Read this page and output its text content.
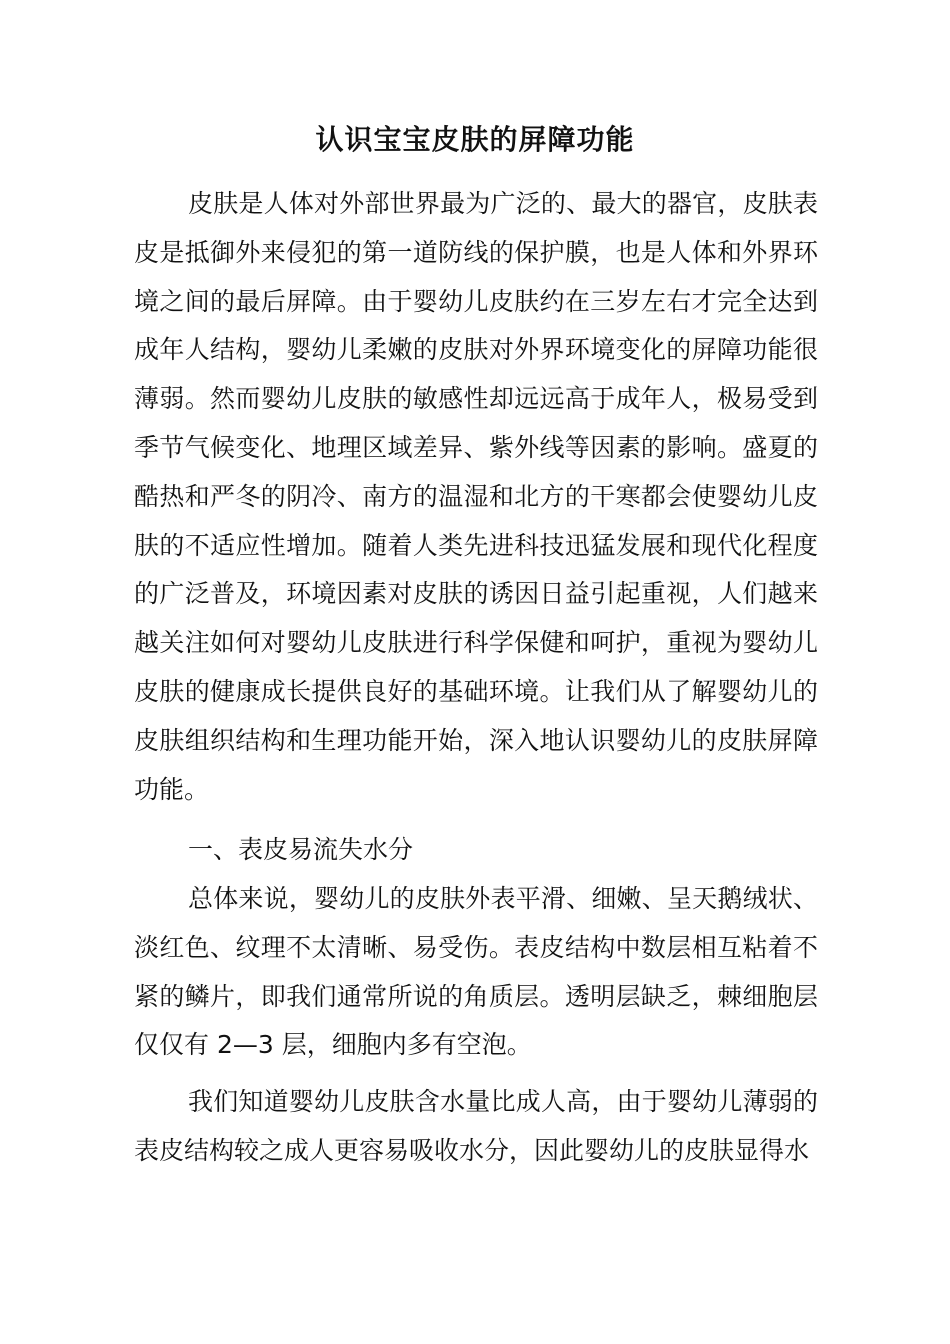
认识宝宝皮肤的屏障功能

皮肤是人体对外部世界最为广泛的、最大的器官，皮肤表皮是抵御外来侵犯的第一道防线的保护膜，也是人体和外界环境之间的最后屏障。由于婴幼儿皮肤约在三岁左右才完全达到成年人结构，婴幼儿柔嫩的皮肤对外界环境变化的屏障功能很薄弱。然而婴幼儿皮肤的敏感性却远远高于成年人，极易受到季节气候变化、地理区域差异、紫外线等因素的影响。盛夏的酷热和严冬的阴冷、南方的温湿和北方的干寒都会使婴幼儿皮肤的不适应性增加。随着人类先进科技迅猛发展和现代化程度的广泛普及，环境因素对皮肤的诱因日益引起重视，人们越来越关注如何对婴幼儿皮肤进行科学保健和呵护，重视为婴幼儿皮肤的健康成长提供良好的基础环境。让我们从了解婴幼儿的皮肤组织结构和生理功能开始，深入地认识婴幼儿的皮肤屏障功能。

一、表皮易流失水分

总体来说，婴幼儿的皮肤外表平滑、细嫩、呈天鹅绒状、淡红色、纹理不太清晰、易受伤。表皮结构中数层相互粘着不紧的鳞片，即我们通常所说的角质层。透明层缺乏，棘细胞层仅仅有 2—3 层，细胞内多有空泡。

我们知道婴幼儿皮肤含水量比成人高，由于婴幼儿薄弱的表皮结构较之成人更容易吸收水分，因此婴幼儿的皮肤显得水
